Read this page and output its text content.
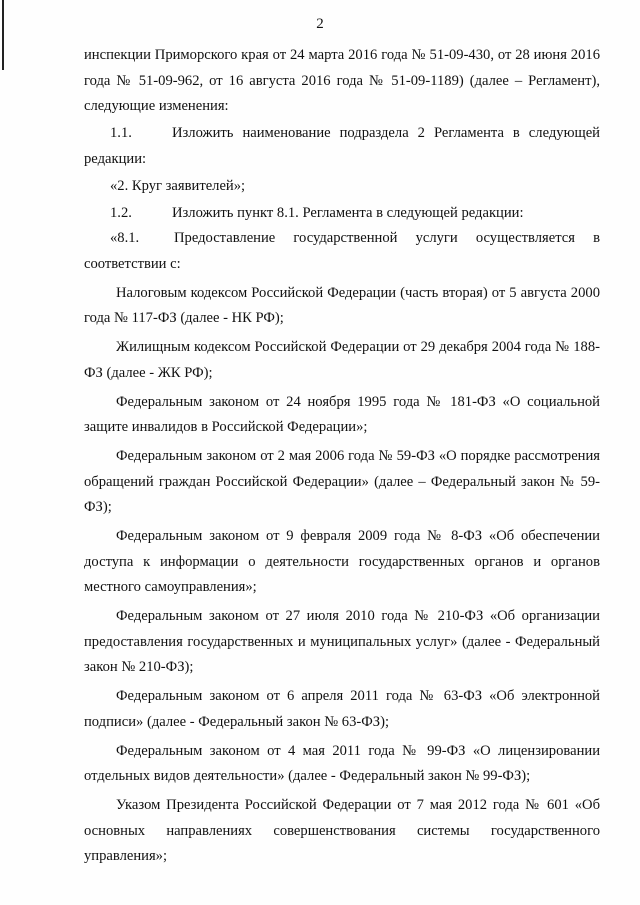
2

инспекции Приморского края от 24 марта 2016 года № 51-09-430, от 28 июня 2016 года № 51-09-962, от 16 августа 2016 года № 51-09-1189) (далее – Регламент), следующие изменения:

1.1.	Изложить наименование подраздела 2 Регламента в следующей

редакции:

«2. Круг заявителей»;

1.2.	Изложить пункт 8.1. Регламента в следующей редакции:
«8.1.	Предоставление государственной услуги осуществляется в

соответствии с:

Налоговым кодексом Российской Федерации (часть вторая) от 5 августа 2000 года № 117-ФЗ (далее - НК РФ);

Жилищным кодексом Российской Федерации от 29 декабря 2004 года № 188-ФЗ (далее - ЖК РФ);

Федеральным законом от 24 ноября 1995 года № 181-ФЗ «О социальной защите инвалидов в Российской Федерации»;

Федеральным законом от 2 мая 2006 года № 59-ФЗ «О порядке рассмотрения обращений граждан Российской Федерации» (далее – Федеральный закон № 59-ФЗ);

Федеральным законом от 9 февраля 2009 года № 8-ФЗ «Об обеспечении доступа к информации о деятельности государственных органов и органов местного самоуправления»;

Федеральным законом от 27 июля 2010 года № 210-ФЗ «Об организации предоставления государственных и муниципальных услуг» (далее - Федеральный закон № 210-ФЗ);

Федеральным законом от 6 апреля 2011 года № 63-ФЗ «Об электронной подписи» (далее - Федеральный закон № 63-ФЗ);

Федеральным законом от 4 мая 2011 года № 99-ФЗ «О лицензировании отдельных видов деятельности» (далее - Федеральный закон № 99-ФЗ);

Указом Президента Российской Федерации от 7 мая 2012 года № 601 «Об основных направлениях совершенствования системы государственного управления»;
